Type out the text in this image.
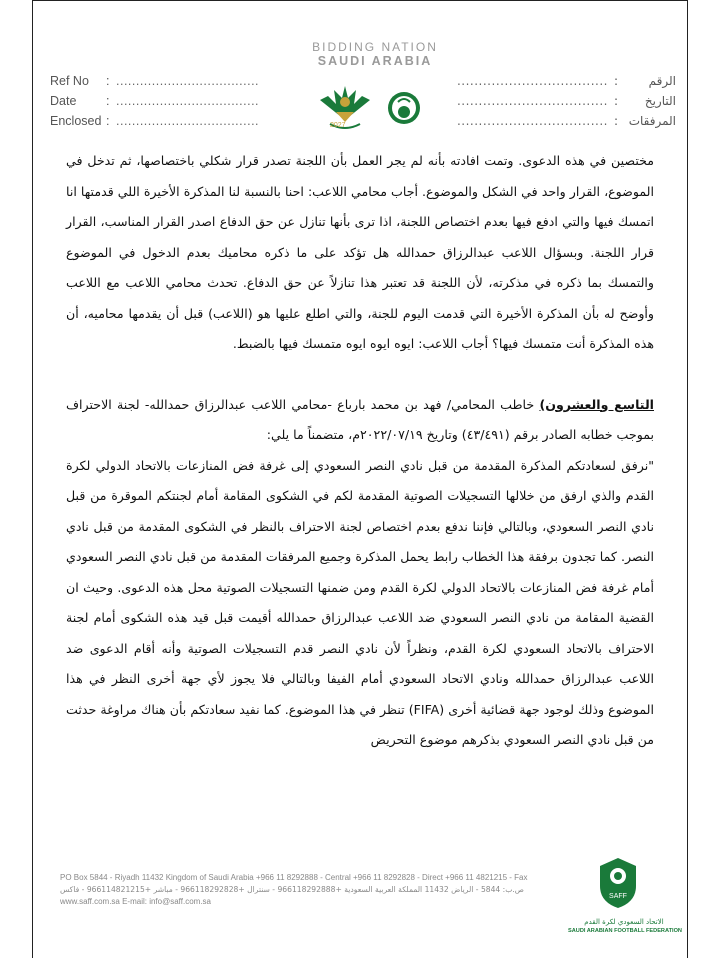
BIDDING NATION
SAUDI ARABIA
2027
Ref No	: ....................................
Date	: ....................................
Enclosed : ....................................
الرقم
:
...................................
التاريخ
:
...................................
المرفقات
:
...................................

مختصين في هذه الدعوى. وتمت افادته بأنه لم يجر العمل بأن اللجنة تصدر قرار شكلي باختصاصها، ثم تدخل في الموضوع، القرار واحد في الشكل والموضوع. أجاب محامي اللاعب: احنا بالنسبة لنا المذكرة الأخيرة اللي قدمتها انا اتمسك فيها والتي ادفع فيها بعدم اختصاص اللجنة، اذا ترى بأنها تنازل عن حق الدفاع اصدر القرار المناسب، القرار قرار اللجنة. وبسؤال اللاعب عبدالرزاق حمدالله هل تؤكد على ما ذكره محاميك بعدم الدخول في الموضوع والتمسك بما ذكره في مذكرته، لأن اللجنة قد تعتبر هذا تنازلاً عن حق الدفاع. تحدث محامي اللاعب مع اللاعب وأوضح له بأن المذكرة الأخيرة التي قدمت اليوم للجنة، والتي اطلع عليها هو (اللاعب) قبل أن يقدمها محاميه، أن هذه المذكرة أنت متمسك فيها؟ أجاب اللاعب: ايوه ايوه ايوه متمسك فيها بالضبط.

التاسع والعشرون) خاطب المحامي/ فهد بن محمد بارباع -محامي اللاعب عبدالرزاق حمدالله- لجنة الاحتراف بموجب خطابه الصادر برقم (٤٣/٤٩١) وتاريخ ٢٠٢٢/٠٧/١٩م، متضمناً ما يلي:

"نرفق لسعادتكم المذكرة المقدمة من قبل نادي النصر السعودي إلى غرفة فض المنازعات بالاتحاد الدولي لكرة القدم والذي ارفق من خلالها التسجيلات الصوتية المقدمة لكم في الشكوى المقامة أمام لجنتكم الموقرة من قبل نادي النصر السعودي، وبالتالي فإننا ندفع بعدم اختصاص لجنة الاحتراف بالنظر في الشكوى المقدمة من قبل نادي النصر. كما تجدون برفقة هذا الخطاب رابط يحمل المذكرة وجميع المرفقات المقدمة من قبل نادي النصر السعودي أمام غرفة فض المنازعات بالاتحاد الدولي لكرة القدم ومن ضمنها التسجيلات الصوتية محل هذه الدعوى. وحيث ان القضية المقامة من نادي النصر السعودي ضد اللاعب عبدالرزاق حمدالله أقيمت قبل قيد هذه الشكوى أمام لجنة الاحتراف بالاتحاد السعودي لكرة القدم، ونظراً لأن نادي النصر قدم التسجيلات الصوتية وأنه أقام الدعوى ضد اللاعب عبدالرزاق حمدالله ونادي الاتحاد السعودي أمام الفيفا وبالتالي فلا يجوز لأي جهة أخرى النظر في هذا الموضوع وذلك لوجود جهة قضائية أخرى (FIFA) تنظر في هذا الموضوع. كما نفيد سعادتكم بأن هناك مراوغة حدثت من قبل نادي النصر السعودي بذكرهم موضوع التحريض

PO Box 5844 - Riyadh 11432 Kingdom of Saudi Arabia +966 11 8292888 - Central +966 11 8292828 - Direct +966 11 4821215 - Fax
ص.ب: 5844 - الرياض 11432 المملكة العربية السعودية +966118292888 - سنترال +966118292828 - مباشر +966114821215 - فاكس
www.saff.com.sa E-mail: info@saff.com.sa
SAFF
الاتحاد السعودي لكرة القدم
SAUDI ARABIAN FOOTBALL FEDERATION
